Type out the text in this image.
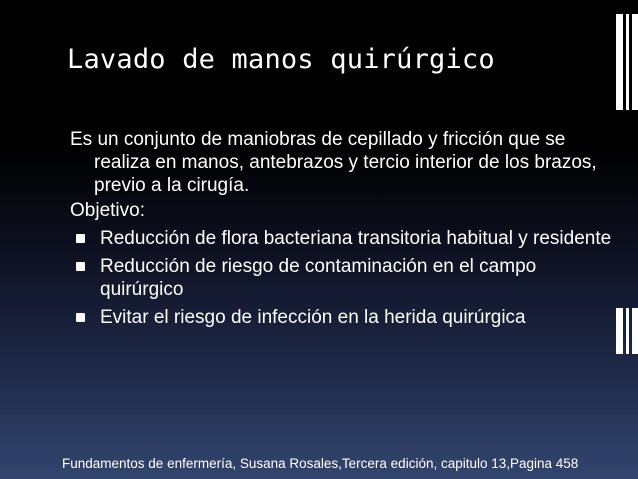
Lavado de manos quirúrgico
Es un conjunto de maniobras de cepillado y fricción que se realiza en manos, antebrazos y tercio interior de los brazos, previo a la cirugía.
Objetivo:
Reducción de flora bacteriana transitoria habitual y residente
Reducción de riesgo de contaminación en el campo quirúrgico
Evitar el riesgo de infección en la herida quirúrgica
Fundamentos de enfermería, Susana Rosales,Tercera edición, capitulo 13,Pagina 458
